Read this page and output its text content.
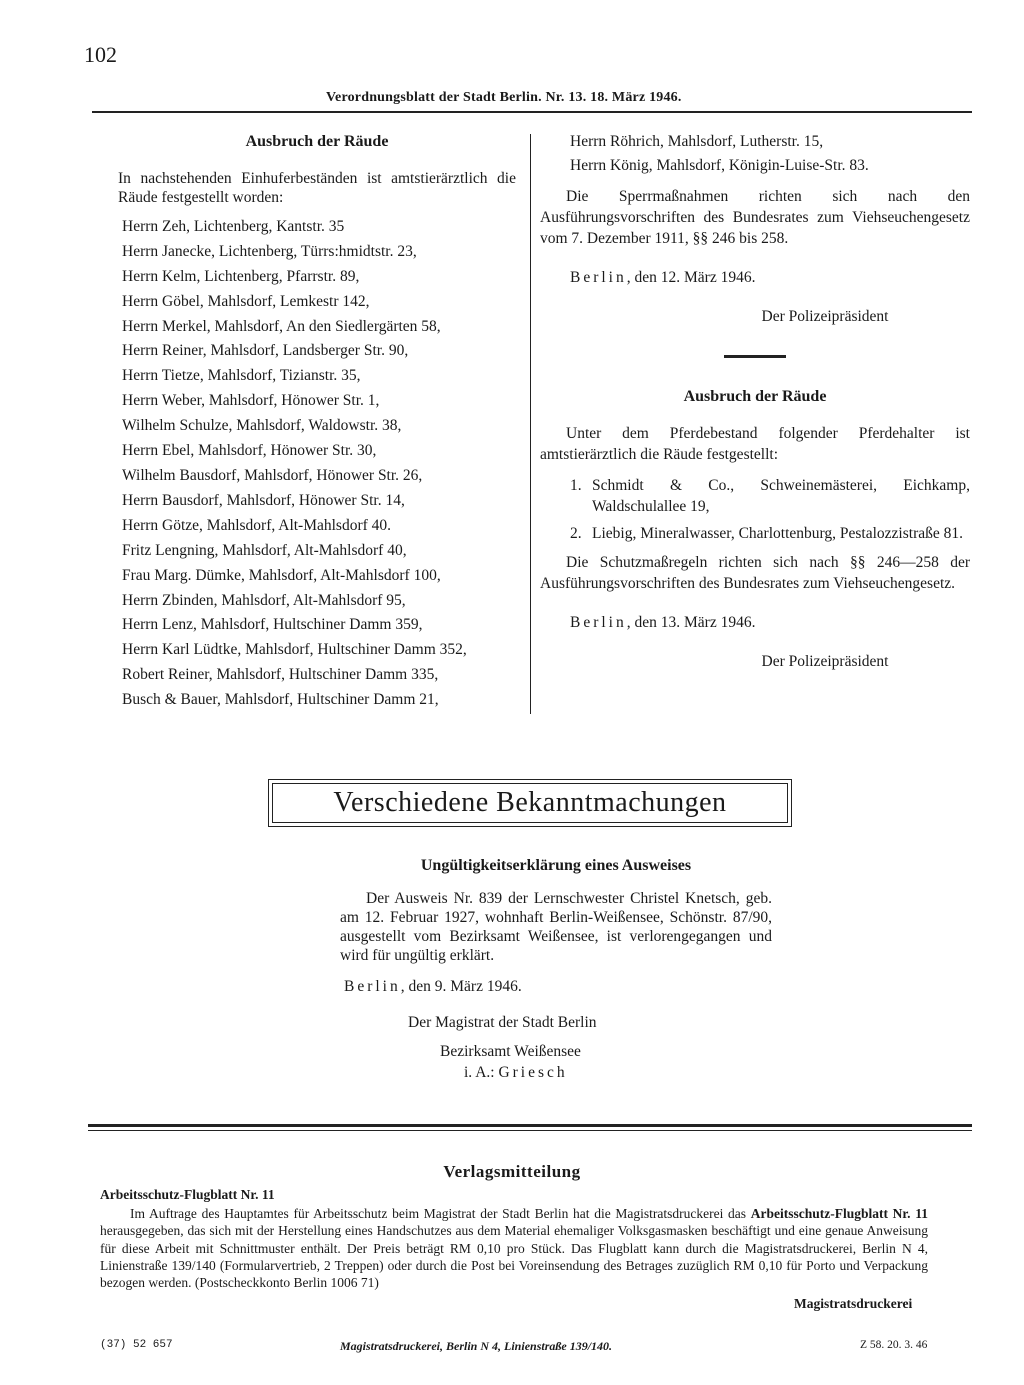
102
Verordnungsblatt der Stadt Berlin. Nr. 13. 18. März 1946.
Ausbruch der Räude
In nachstehenden Einhuferbeständen ist amtstierärztlich die Räude festgestellt worden:
Herrn Zeh, Lichtenberg, Kantstr. 35
Herrn Janecke, Lichtenberg, Türrs:hmidtstr. 23,
Herrn Kelm, Lichtenberg, Pfarrstr. 89,
Herrn Göbel, Mahlsdorf, Lemkestr 142,
Herrn Merkel, Mahlsdorf, An den Siedlergärten 58,
Herrn Reiner, Mahlsdorf, Landsberger Str. 90,
Herrn Tietze, Mahlsdorf, Tizianstr. 35,
Herrn Weber, Mahlsdorf, Hönower Str. 1,
Wilhelm Schulze, Mahlsdorf, Waldowstr. 38,
Herrn Ebel, Mahlsdorf, Hönower Str. 30,
Wilhelm Bausdorf, Mahlsdorf, Hönower Str. 26,
Herrn Bausdorf, Mahlsdorf, Hönower Str. 14,
Herrn Götze, Mahlsdorf, Alt-Mahlsdorf 40.
Fritz Lengning, Mahlsdorf, Alt-Mahlsdorf 40,
Frau Marg. Dümke, Mahlsdorf, Alt-Mahlsdorf 100,
Herrn Zbinden, Mahlsdorf, Alt-Mahlsdorf 95,
Herrn Lenz, Mahlsdorf, Hultschiner Damm 359,
Herrn Karl Lüdtke, Mahlsdorf, Hultschiner Damm 352,
Robert Reiner, Mahlsdorf, Hultschiner Damm 335,
Busch & Bauer, Mahlsdorf, Hultschiner Damm 21,
Herrn Röhrich, Mahlsdorf, Lutherstr. 15,
Herrn König, Mahlsdorf, Königin-Luise-Str. 83.
Die Sperrmaßnahmen richten sich nach den Ausführungsvorschriften des Bundesrates zum Viehseuchengesetz vom 7. Dezember 1911, §§ 246 bis 258.
Berlin, den 12. März 1946.
Der Polizeipräsident
Ausbruch der Räude
Unter dem Pferdebestand folgender Pferdehalter ist amtstierärztlich die Räude festgestellt:
1. Schmidt & Co., Schweinemästerei, Eichkamp, Waldschulallee 19,
2. Liebig, Mineralwasser, Charlottenburg, Pestalozzistraße 81.
Die Schutzmaßregeln richten sich nach §§ 246—258 der Ausführungsvorschriften des Bundesrates zum Viehseuchengesetz.
Berlin, den 13. März 1946.
Der Polizeipräsident
Verschiedene Bekanntmachungen
Ungültigkeitserklärung eines Ausweises
Der Ausweis Nr. 839 der Lernschwester Christel Knetsch, geb. am 12. Februar 1927, wohnhaft Berlin-Weißensee, Schönstr. 87/90, ausgestellt vom Bezirksamt Weißensee, ist verlorengegangen und wird für ungültig erklärt.
Berlin, den 9. März 1946.
Der Magistrat der Stadt Berlin
Bezirksamt Weißensee
i. A.: Griesch
Verlagsmitteilung
Arbeitsschutz-Flugblatt Nr. 11
Im Auftrage des Hauptamtes für Arbeitsschutz beim Magistrat der Stadt Berlin hat die Magistratsdruckerei das Arbeitsschutz-Flugblatt Nr. 11 herausgegeben, das sich mit der Herstellung eines Handschutzes aus dem Material ehemaliger Volksgasmasken beschäftigt und eine genaue Anweisung für diese Arbeit mit Schnittmuster enthält. Der Preis beträgt RM 0,10 pro Stück. Das Flugblatt kann durch die Magistratsdruckerei, Berlin N 4, Linienstraße 139/140 (Formularvertrieb, 2 Treppen) oder durch die Post bei Voreinsendung des Betrages zuzüglich RM 0,10 für Porto und Verpackung bezogen werden. (Postscheckkonto Berlin 1006 71)
Magistratsdruckerei
(37) 52 657	Magistratsdruckerei, Berlin N 4, Linienstraße 139/140.	Z 58. 20. 3. 46
